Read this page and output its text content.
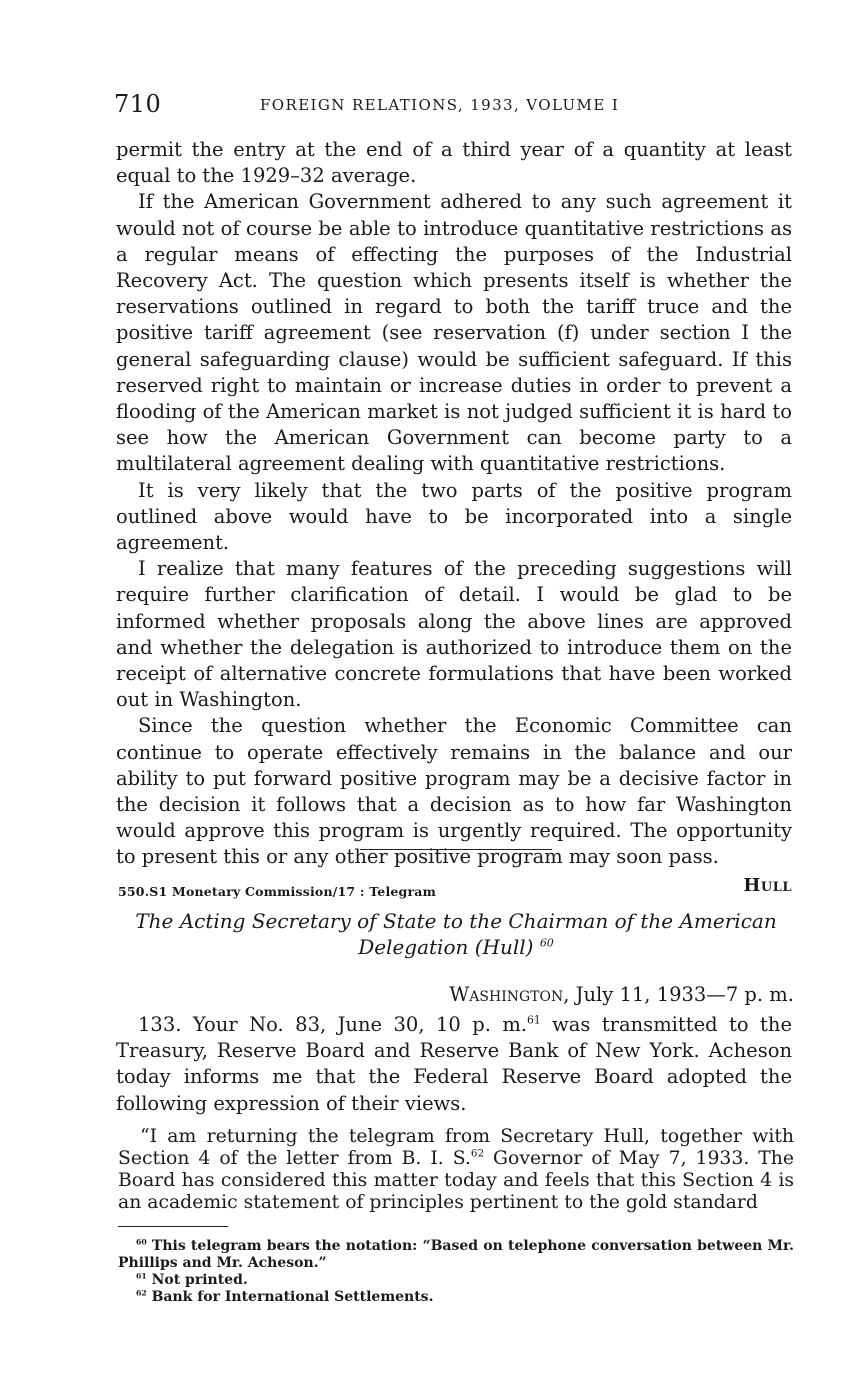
710	FOREIGN RELATIONS, 1933, VOLUME I

permit the entry at the end of a third year of a quantity at least equal to the 1929–32 average.

If the American Government adhered to any such agreement it would not of course be able to introduce quantitative restrictions as a regular means of effecting the purposes of the Industrial Recovery Act. The question which presents itself is whether the reservations outlined in regard to both the tariff truce and the positive tariff agreement (see reservation (f) under section I the general safeguarding clause) would be sufficient safeguard. If this reserved right to maintain or increase duties in order to prevent a flooding of the American market is not judged sufficient it is hard to see how the American Government can become party to a multilateral agreement dealing with quantitative restrictions.

It is very likely that the two parts of the positive program outlined above would have to be incorporated into a single agreement.

I realize that many features of the preceding suggestions will require further clarification of detail. I would be glad to be informed whether proposals along the above lines are approved and whether the delegation is authorized to introduce them on the receipt of alternative concrete formulations that have been worked out in Washington.

Since the question whether the Economic Committee can continue to operate effectively remains in the balance and our ability to put forward positive program may be a decisive factor in the decision it follows that a decision as to how far Washington would approve this program is urgently required. The opportunity to present this or any other positive program may soon pass.

Hull
550.S1 Monetary Commission/17 : Telegram
The Acting Secretary of State to the Chairman of the American Delegation (Hull) $^{60}$
Washington, July 11, 1933—7 p. m.

133. Your No. 83, June 30, 10 p. m.$^{61}$ was transmitted to the Treasury, Reserve Board and Reserve Bank of New York. Acheson today informs me that the Federal Reserve Board adopted the following expression of their views.

“I am returning the telegram from Secretary Hull, together with Section 4 of the letter from B. I. S.$^{62}$ Governor of May 7, 1933. The Board has considered this matter today and feels that this Section 4 is an academic statement of principles pertinent to the gold standard

$^{60}$ This telegram bears the notation: “Based on telephone conversation between Mr. Phillips and Mr. Acheson.”

$^{61}$ Not printed.

$^{62}$ Bank for International Settlements.
